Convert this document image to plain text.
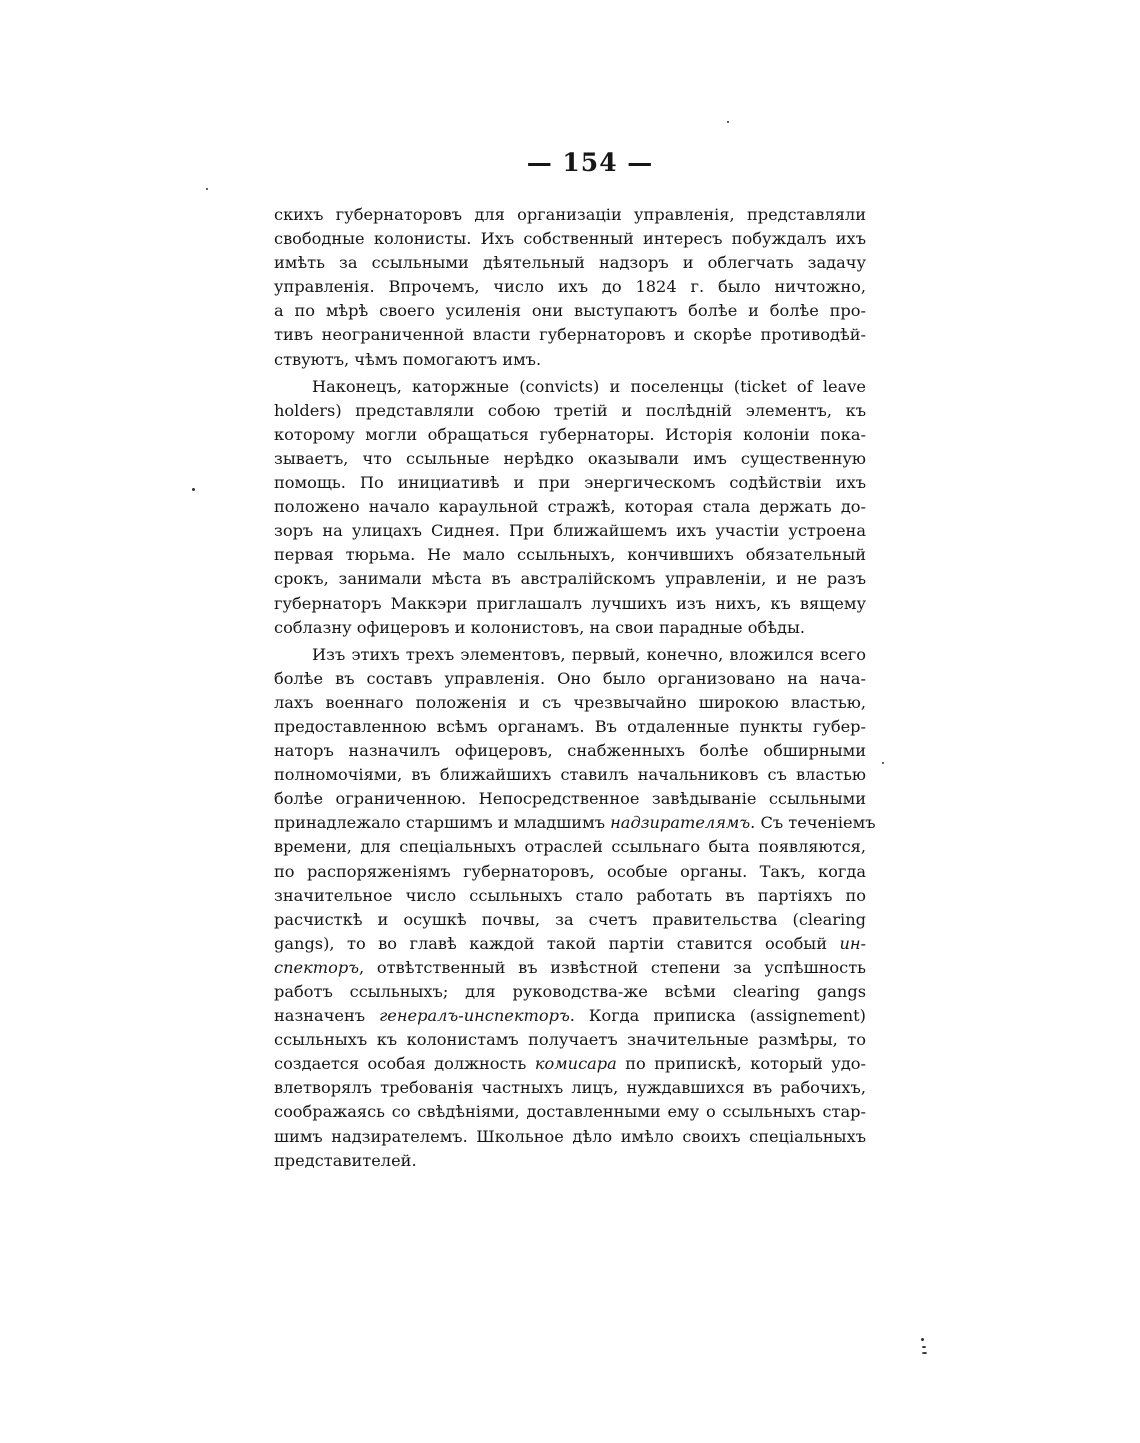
— 154 —
скихъ губернаторовъ для организаціи управленія, представляли
свободные колонисты. Ихъ собственный интересъ побуждалъ ихъ
имѣть за ссыльными дѣятельный надзоръ и облегчать задачу
управленія. Впрочемъ, число ихъ до 1824 г. было ничтожно,
а по мѣрѣ своего усиленія они выступаютъ болѣе и болѣе про-
тивъ неограниченной власти губернаторовъ и скорѣе противодѣй-
ствуютъ, чѣмъ помогаютъ имъ.
Наконецъ, каторжные (convicts) и поселенцы (ticket of leave
holders) представляли собою третій и послѣдній элементъ, къ
которому могли обращаться губернаторы. Исторія колоніи пока-
зываетъ, что ссыльные нерѣдко оказывали имъ существенную
помощь. По инициативѣ и при энергическомъ содѣйствіи ихъ
положено начало караульной стражѣ, которая стала держать до-
зоръ на улицахъ Сиднея. При ближайшемъ ихъ участіи устроена
первая тюрьма. Не мало ссыльныхъ, кончившихъ обязательный
срокъ, занимали мѣста въ австралійскомъ управленіи, и не разъ
губернаторъ Маккэри приглашалъ лучшихъ изъ нихъ, къ вящему
соблазну офицеровъ и колонистовъ, на свои парадные обѣды.
Изъ этихъ трехъ элементовъ, первый, конечно, вложился всего
болѣе въ составъ управленія. Оно было организовано на нача-
лахъ военнаго положенія и съ чрезвычайно широкою властью,
предоставленною всѣмъ органамъ. Въ отдаленные пункты губер-
наторъ назначилъ офицеровъ, снабженныхъ болѣе обширными
полномочіями, въ ближайшихъ ставилъ начальниковъ съ властью
болѣе ограниченною. Непосредственное завѣдываніе ссыльными
принадлежало старшимъ и младшимъ надзирателямъ. Съ теченіемъ
времени, для спеціальныхъ отраслей ссыльнаго быта появляются,
по распоряженіямъ губернаторовъ, особые органы. Такъ, когда
значительное число ссыльныхъ стало работать въ партіяхъ по
расчисткѣ и осушкѣ почвы, за счетъ правительства (clearing
gangs), то во главѣ каждой такой партіи ставится особый ин-
спекторъ, отвѣтственный въ извѣстной степени за успѣшность
работъ ссыльныхъ; для руководства-же всѣми clearing gangs
назначенъ генералъ-инспекторъ. Когда приписка (assignement)
ссыльныхъ къ колонистамъ получаетъ значительные размѣры, то
создается особая должность комисара по припискѣ, который удо-
влетворялъ требованія частныхъ лицъ, нуждавшихся въ рабочихъ,
соображаясь со свѣдѣніями, доставленными ему о ссыльныхъ стар-
шимъ надзирателемъ. Школьное дѣло имѣло своихъ спеціальныхъ
представителей.
